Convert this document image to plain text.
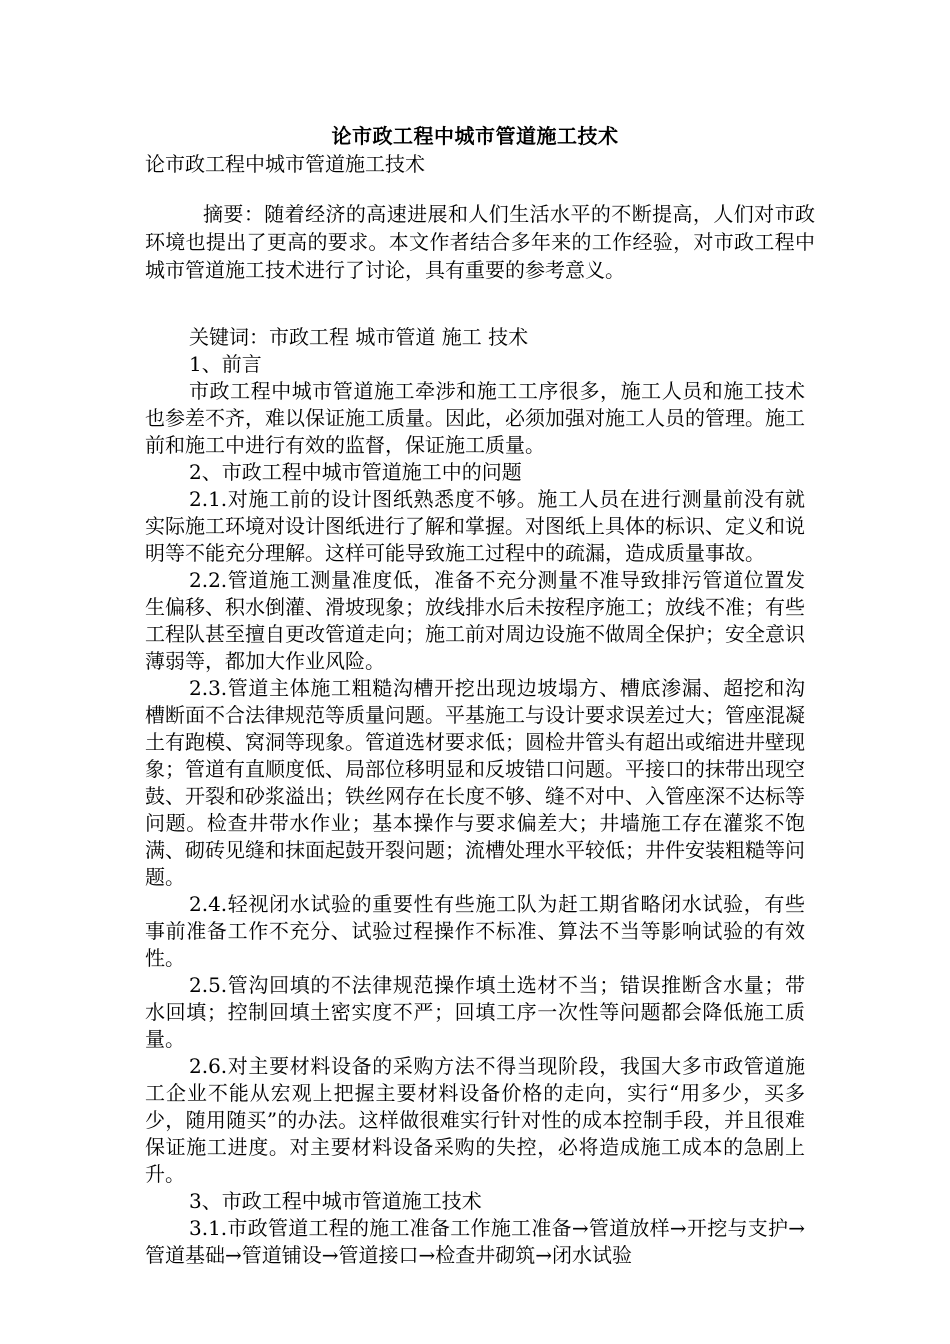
论市政工程中城市管道施工技术
论市政工程中城市管道施工技术
摘要：随着经济的高速进展和人们生活水平的不断提高，人们对市政环境也提出了更高的要求。本文作者结合多年来的工作经验，对市政工程中城市管道施工技术进行了讨论，具有重要的参考意义。

关键词：市政工程 城市管道 施工 技术

1、前言

市政工程中城市管道施工牵涉和施工工序很多，施工人员和施工技术也参差不齐，难以保证施工质量。因此，必须加强对施工人员的管理。施工前和施工中进行有效的监督，保证施工质量。

2、市政工程中城市管道施工中的问题

2.1.对施工前的设计图纸熟悉度不够。施工人员在进行测量前没有就实际施工环境对设计图纸进行了解和掌握。对图纸上具体的标识、定义和说明等不能充分理解。这样可能导致施工过程中的疏漏，造成质量事故。

2.2.管道施工测量准度低，准备不充分测量不准导致排污管道位置发生偏移、积水倒灌、滑坡现象；放线排水后未按程序施工；放线不准；有些工程队甚至擅自更改管道走向；施工前对周边设施不做周全保护；安全意识薄弱等，都加大作业风险。

2.3.管道主体施工粗糙沟槽开挖出现边坡塌方、槽底渗漏、超挖和沟槽断面不合法律规范等质量问题。平基施工与设计要求误差过大；管座混凝土有跑模、窝洞等现象。管道选材要求低；圆检井管头有超出或缩进井壁现象；管道有直顺度低、局部位移明显和反坡错口问题。平接口的抹带出现空鼓、开裂和砂浆溢出；铁丝网存在长度不够、缝不对中、入管座深不达标等问题。检查井带水作业；基本操作与要求偏差大；井墙施工存在灌浆不饱满、砌砖见缝和抹面起鼓开裂问题；流槽处理水平较低；井件安装粗糙等问题。

2.4.轻视闭水试验的重要性有些施工队为赶工期省略闭水试验，有些事前准备工作不充分、试验过程操作不标准、算法不当等影响试验的有效性。

2.5.管沟回填的不法律规范操作填土选材不当；错误推断含水量；带水回填；控制回填土密实度不严；回填工序一次性等问题都会降低施工质量。

2.6.对主要材料设备的采购方法不得当现阶段，我国大多市政管道施工企业不能从宏观上把握主要材料设备价格的走向，实行“用多少，买多少，随用随买”的办法。这样做很难实行针对性的成本控制手段，并且很难保证施工进度。对主要材料设备采购的失控，必将造成施工成本的急剧上升。

3、市政工程中城市管道施工技术

3.1.市政管道工程的施工准备工作施工准备→管道放样→开挖与支护→管道基础→管道铺设→管道接口→检查井砌筑→闭水试验
